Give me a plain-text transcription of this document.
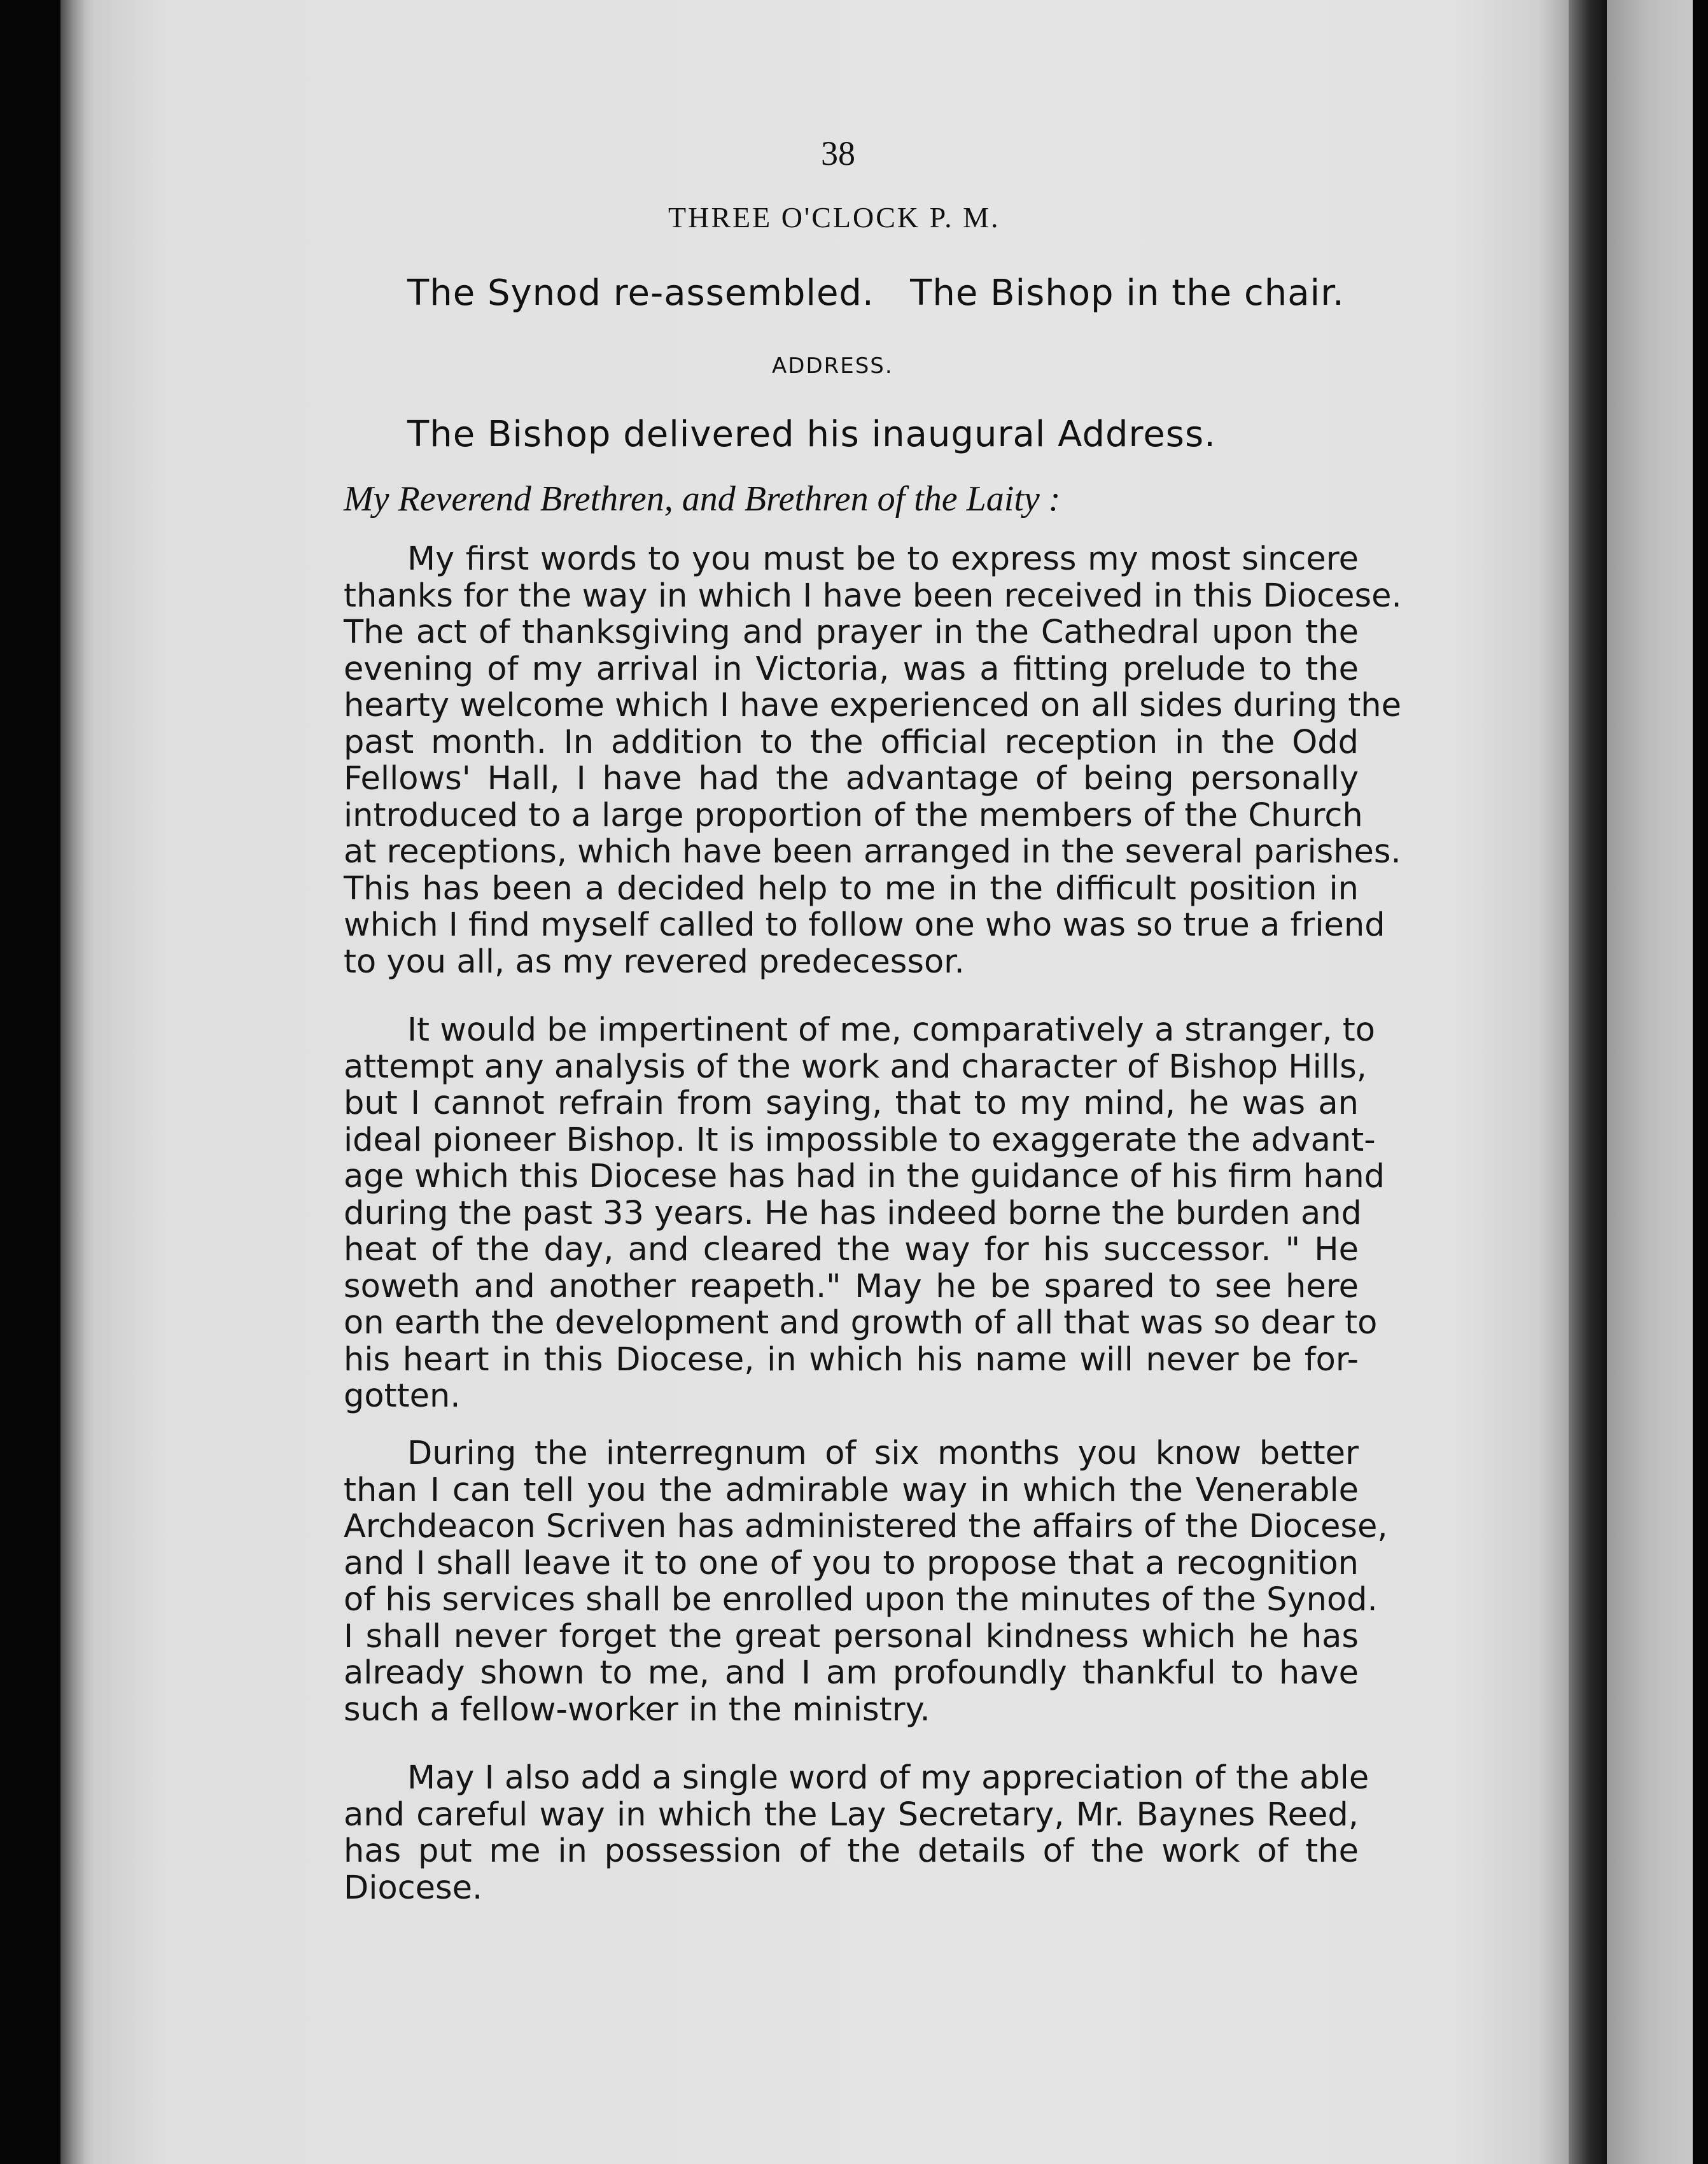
38
THREE O'CLOCK P. M.
The Synod re-assembled.   The Bishop in the chair.
ADDRESS.
The Bishop delivered his inaugural Address.
My Reverend Brethren, and Brethren of the Laity :
My first words to you must be to express my most sincere
thanks for the way in which I have been received in this Diocese.
The act of thanksgiving and prayer in the Cathedral upon the
evening of my arrival in Victoria, was a fitting prelude to the
hearty welcome which I have experienced on all sides during the
past month. In addition to the official reception in the Odd
Fellows' Hall, I have had the advantage of being personally
introduced to a large proportion of the members of the Church
at receptions, which have been arranged in the several parishes.
This has been a decided help to me in the difficult position in
which I find myself called to follow one who was so true a friend
to you all, as my revered predecessor.
It would be impertinent of me, comparatively a stranger, to
attempt any analysis of the work and character of Bishop Hills,
but I cannot refrain from saying, that to my mind, he was an
ideal pioneer Bishop. It is impossible to exaggerate the advant-
age which this Diocese has had in the guidance of his firm hand
during the past 33 years. He has indeed borne the burden and
heat of the day, and cleared the way for his successor. " He
soweth and another reapeth." May he be spared to see here
on earth the development and growth of all that was so dear to
his heart in this Diocese, in which his name will never be for-
gotten.
During the interregnum of six months you know better
than I can tell you the admirable way in which the Venerable
Archdeacon Scriven has administered the affairs of the Diocese,
and I shall leave it to one of you to propose that a recognition
of his services shall be enrolled upon the minutes of the Synod.
I shall never forget the great personal kindness which he has
already shown to me, and I am profoundly thankful to have
such a fellow-worker in the ministry.
May I also add a single word of my appreciation of the able
and careful way in which the Lay Secretary, Mr. Baynes Reed,
has put me in possession of the details of the work of the
Diocese.
